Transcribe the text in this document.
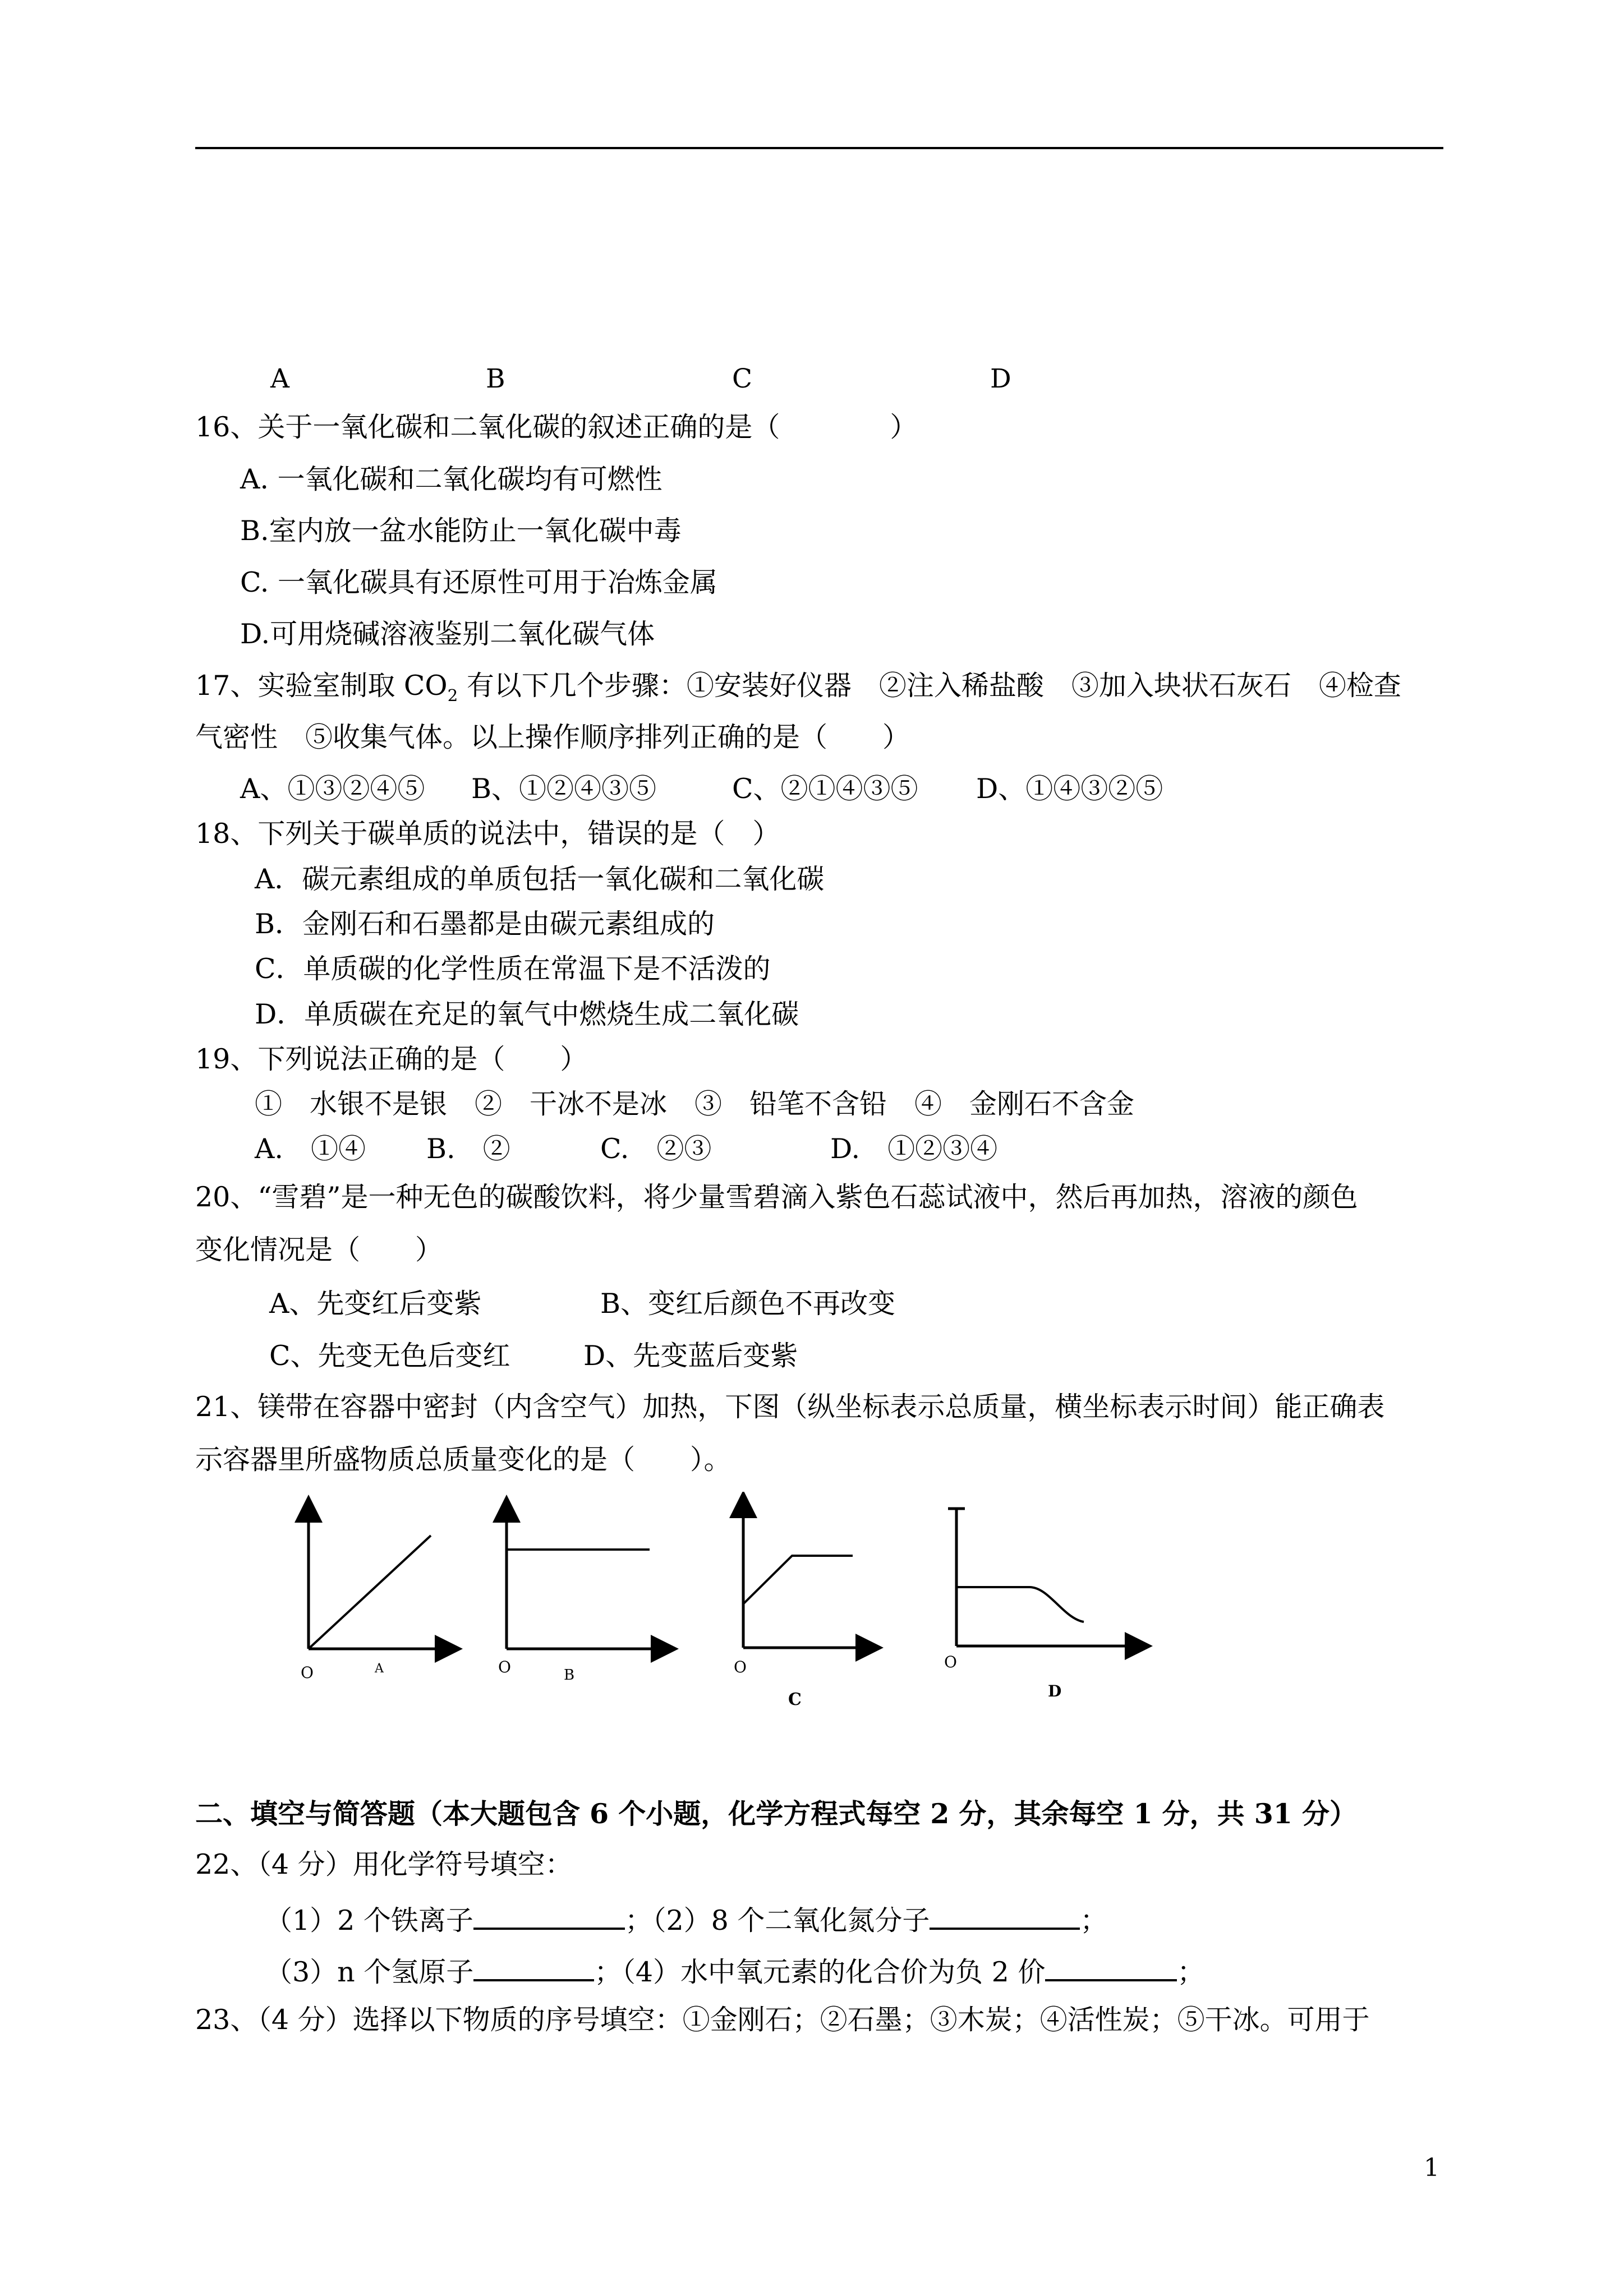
A	B	C	D
16、关于一氧化碳和二氧化碳的叙述正确的是（　　　　）
A. 一氧化碳和二氧化碳均有可燃性
B.室内放一盆水能防止一氧化碳中毒
C. 一氧化碳具有还原性可用于冶炼金属
D.可用烧碱溶液鉴别二氧化碳气体
17、实验室制取 $CO_2$ 有以下几个步骤：①安装好仪器　②注入稀盐酸　③加入块状石灰石　④检查
气密性　⑤收集气体。以上操作顺序排列正确的是（　　）
A、①③②④⑤ B、①②④③⑤	C、②①④③⑤ D、①④③②⑤
18、下列关于碳单质的说法中，错误的是（　）
A．碳元素组成的单质包括一氧化碳和二氧化碳
B．金刚石和石墨都是由碳元素组成的
C．单质碳的化学性质在常温下是不活泼的
D．单质碳在充足的氧气中燃烧生成二氧化碳
19、下列说法正确的是（　　）
①　水银不是银　②　干冰不是冰　③　铅笔不含铅　④　金刚石不含金
A.　①④ B.　②	C.　②③	D.　①②③④
20、“雪碧”是一种无色的碳酸饮料，将少量雪碧滴入紫色石蕊试液中，然后再加热，溶液的颜色
变化情况是（　　）
A、先变红后变紫	B、变红后颜色不再改变
C、先变无色后变红	D、先变蓝后变紫
21、镁带在容器中密封（内含空气）加热，下图（纵坐标表示总质量，横坐标表示时间）能正确表
示容器里所盛物质总质量变化的是（　　）。
O	A	O	B	O
C
O
D
二、填空与简答题（本大题包含 6 个小题，化学方程式每空 2 分，其余每空 1 分，共 31 分）
22、（4 分）用化学符号填空：
（1）2 个铁离子	；（2）8 个二氧化氮分子	；
（3）n 个氢原子	；（4）水中氧元素的化合价为负 2 价	；
23、（4 分）选择以下物质的序号填空：①金刚石；②石墨；③木炭；④活性炭；⑤干冰。可用于
1
